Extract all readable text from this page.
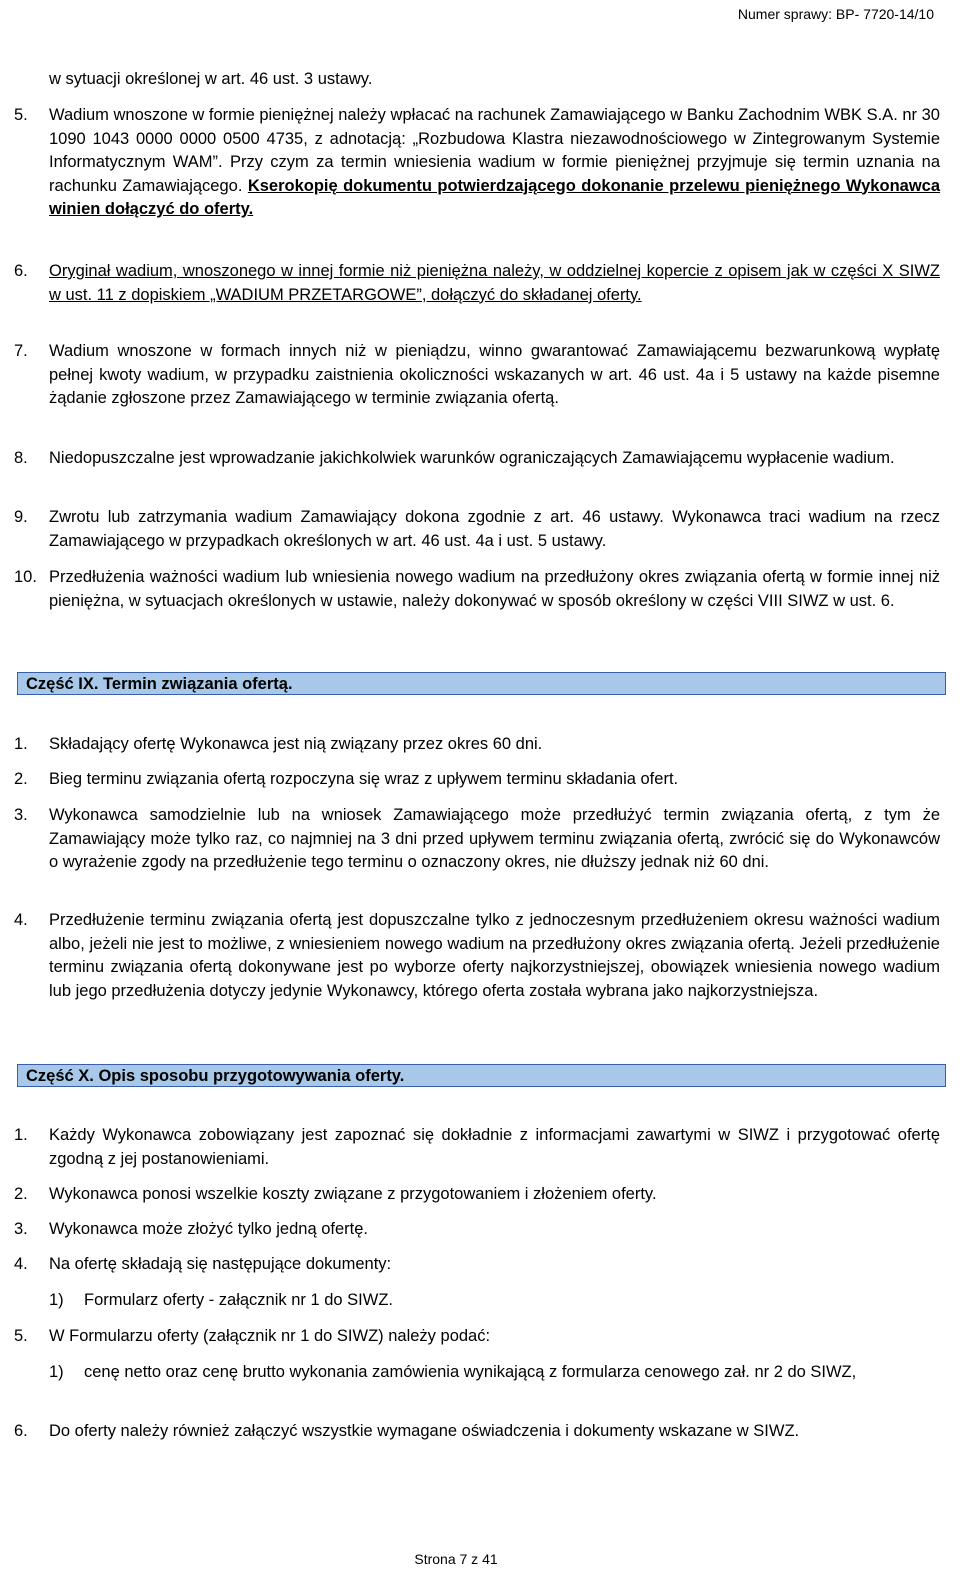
Numer sprawy: BP- 7720-14/10
w sytuacji określonej w art. 46 ust. 3 ustawy.
5. Wadium wnoszone w formie pieniężnej należy wpłacać na rachunek Zamawiającego w Banku Zachodnim WBK S.A. nr 30 1090 1043 0000 0000 0500 4735, z adnotacją: „Rozbudowa Klastra niezawodnościowego w Zintegrowanym Systemie Informatycznym WAM”. Przy czym za termin wniesienia wadium w formie pieniężnej przyjmuje się termin uznania na rachunku Zamawiającego. Kserokopię dokumentu potwierdzającego dokonanie przelewu pieniężnego Wykonawca winien dołączyć do oferty.
6. Oryginał wadium, wnoszonego w innej formie niż pieniężna należy, w oddzielnej kopercie z opisem jak w części X SIWZ w ust. 11 z dopiskiem „WADIUM PRZETARGOWE”, dołączyć do składanej oferty.
7. Wadium wnoszone w formach innych niż w pieniądzu, winno gwarantować Zamawiającemu bezwarunkową wypłatę pełnej kwoty wadium, w przypadku zaistnienia okoliczności wskazanych w art. 46 ust. 4a i 5 ustawy na każde pisemne żądanie zgłoszone przez Zamawiającego w terminie związania ofertą.
8. Niedopuszczalne jest wprowadzanie jakichkolwiek warunków ograniczających Zamawiającemu wypłacenie wadium.
9. Zwrotu lub zatrzymania wadium Zamawiający dokona zgodnie z art. 46 ustawy. Wykonawca traci wadium na rzecz Zamawiającego w przypadkach określonych w art. 46 ust. 4a i ust. 5 ustawy.
10. Przedłużenia ważności wadium lub wniesienia nowego wadium na przedłużony okres związania ofertą w formie innej niż pieniężna, w sytuacjach określonych w ustawie, należy dokonywać w sposób określony w części VIII SIWZ w ust. 6.
Część IX. Termin związania ofertą.
1. Składający ofertę Wykonawca jest nią związany przez okres 60 dni.
2. Bieg terminu związania ofertą rozpoczyna się wraz z upływem terminu składania ofert.
3. Wykonawca samodzielnie lub na wniosek Zamawiającego może przedłużyć termin związania ofertą, z tym że Zamawiający może tylko raz, co najmniej na 3 dni przed upływem terminu związania ofertą, zwrócić się do Wykonawców o wyrażenie zgody na przedłużenie tego terminu o oznaczony okres, nie dłuższy jednak niż 60 dni.
4. Przedłużenie terminu związania ofertą jest dopuszczalne tylko z jednoczesnym przedłużeniem okresu ważności wadium albo, jeżeli nie jest to możliwe, z wniesieniem nowego wadium na przedłużony okres związania ofertą. Jeżeli przedłużenie terminu związania ofertą dokonywane jest po wyborze oferty najkorzystniejszej, obowiązek wniesienia nowego wadium lub jego przedłużenia dotyczy jedynie Wykonawcy, którego oferta została wybrana jako najkorzystniejsza.
Część X. Opis sposobu przygotowywania oferty.
1. Każdy Wykonawca zobowiązany jest zapoznać się dokładnie z informacjami zawartymi w SIWZ i przygotować ofertę zgodną z jej postanowieniami.
2. Wykonawca ponosi wszelkie koszty związane z przygotowaniem i złożeniem oferty.
3. Wykonawca może złożyć tylko jedną ofertę.
4. Na ofertę składają się następujące dokumenty:
1) Formularz oferty - załącznik nr 1 do SIWZ.
5. W Formularzu oferty (załącznik nr 1 do SIWZ) należy podać:
1) cenę netto oraz cenę brutto wykonania zamówienia wynikającą z formularza cenowego zał. nr 2 do SIWZ,
6. Do oferty należy również załączyć wszystkie wymagane oświadczenia i dokumenty wskazane w SIWZ.
Strona 7 z 41
